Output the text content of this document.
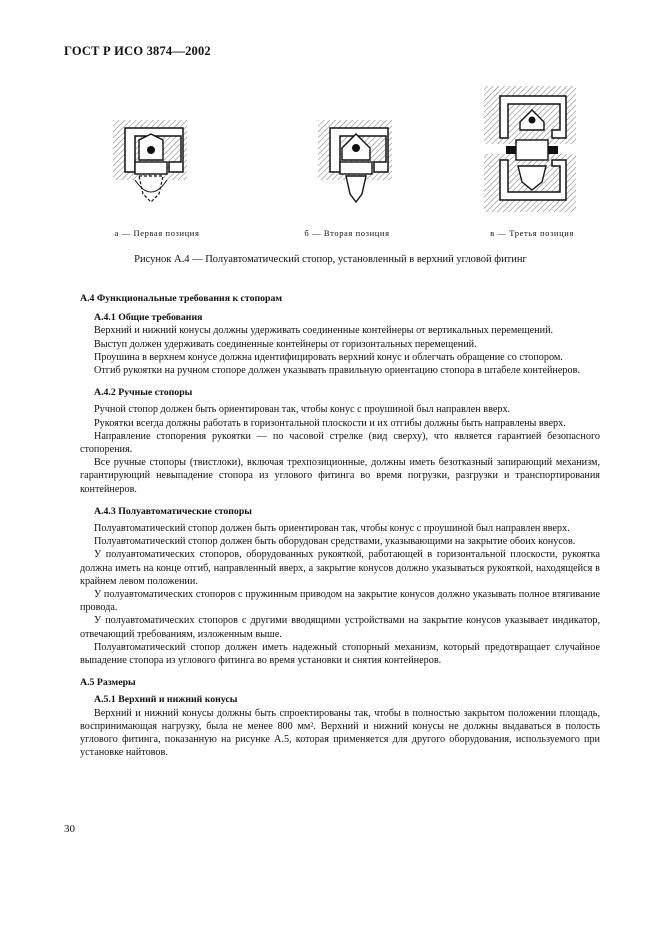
ГОСТ Р ИСО 3874—2002
а — Первая позиция	б — Вторая позиция	в — Третья позиция
Рисунок А.4 — Полуавтоматический стопор, установленный в верхний угловой фитинг

А.4 Функциональные требования к стопорам

А.4.1 Общие требования

Верхний и нижний конусы должны удерживать соединенные контейнеры от вертикальных перемещений.

Выступ должен удерживать соединенные контейнеры от горизонтальных перемещений.

Проушина в верхнем конусе должна идентифицировать верхний конус и облегчать обращение со стопором.

Отгиб рукоятки на ручном стопоре должен указывать правильную ориентацию стопора в штабеле контейнеров.

А.4.2 Ручные стопоры

Ручной стопор должен быть ориентирован так, чтобы конус с проушиной был направлен вверх.

Рукоятки всегда должны работать в горизонтальной плоскости и их отгибы должны быть направлены вверх.

Направление стопорения рукоятки — по часовой стрелке (вид сверху), что является гарантией безопасного стопорения.

Все ручные стопоры (твистлоки), включая трехпозиционные, должны иметь безотказный запирающий механизм, гарантирующий невыпадение стопора из углового фитинга во время погрузки, разгрузки и транспортирования контейнеров.

А.4.3 Полуавтоматические стопоры

Полуавтоматический стопор должен быть ориентирован так, чтобы конус с проушиной был направлен вверх.

Полуавтоматический стопор должен быть оборудован средствами, указывающими на закрытие обоих конусов.

У полуавтоматических стопоров, оборудованных рукояткой, работающей в горизонтальной плоскости, рукоятка должна иметь на конце отгиб, направленный вверх, а закрытие конусов должно указываться рукояткой, находящейся в крайнем левом положении.

У полуавтоматических стопоров с пружинным приводом на закрытие конусов должно указывать полное втягивание провода.

У полуавтоматических стопоров с другими вводящими устройствами на закрытие конусов указывает индикатор, отвечающий требованиям, изложенным выше.

Полуавтоматический стопор должен иметь надежный стопорный механизм, который предотвращает случайное выпадение стопора из углового фитинга во время установки и снятия контейнеров.

А.5 Размеры

А.5.1 Верхний и нижний конусы

Верхний и нижний конусы должны быть спроектированы так, чтобы в полностью закрытом положении площадь, воспринимающая нагрузку, была не менее 800 мм². Верхний и нижний конусы не должны выдаваться в полость углового фитинга, показанную на рисунке А.5, которая применяется для другого оборудования, используемого при установке найтовов.

30
